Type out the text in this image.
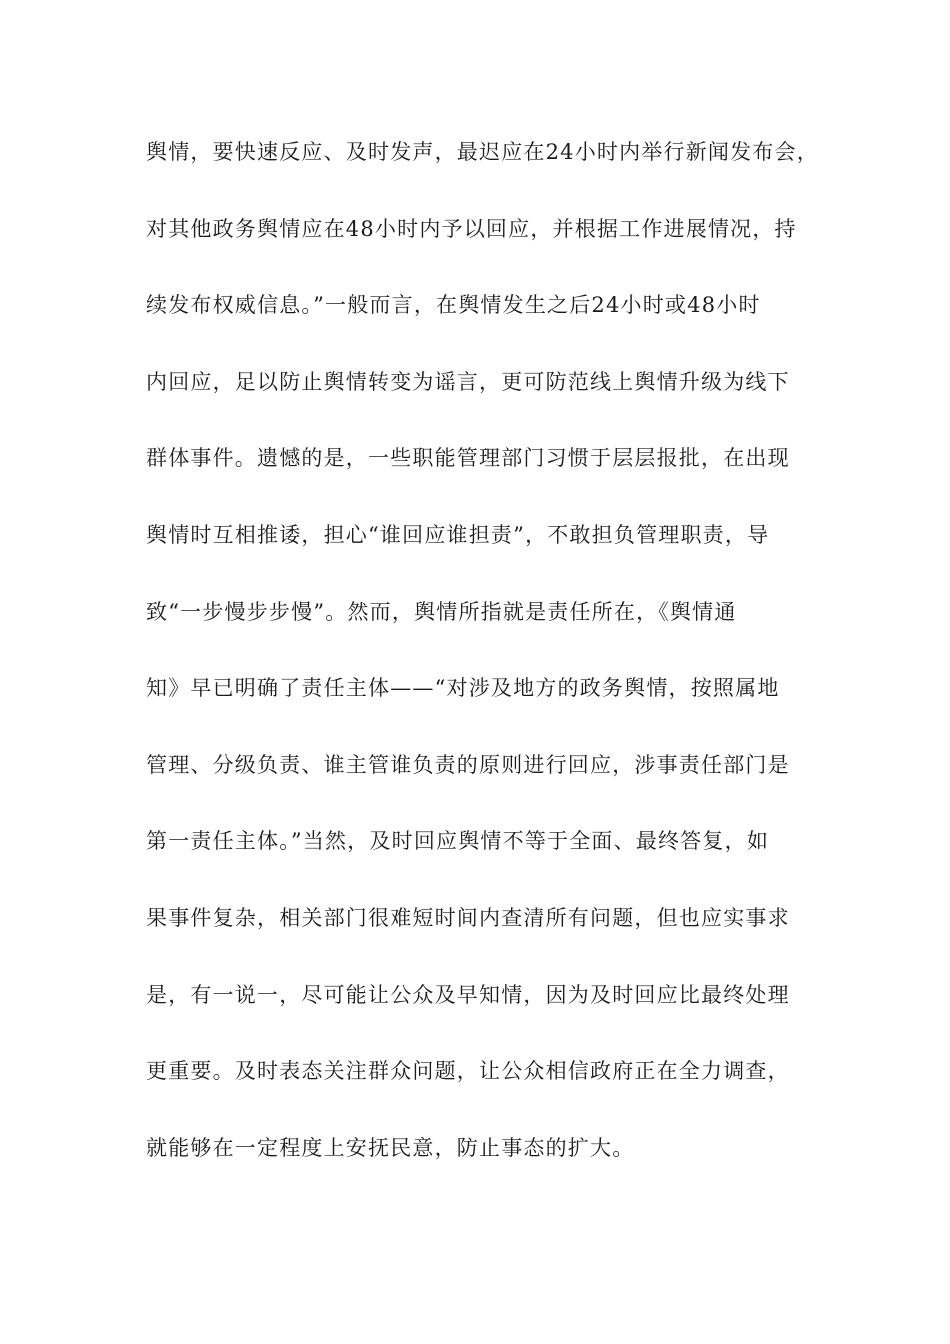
舆情，要快速反应、及时发声，最迟应在24小时内举行新闻发布会，
对其他政务舆情应在48小时内予以回应，并根据工作进展情况，持
续发布权威信息。”一般而言，在舆情发生之后24小时或48小时
内回应，足以防止舆情转变为谣言，更可防范线上舆情升级为线下
群体事件。遗憾的是，一些职能管理部门习惯于层层报批，在出现
舆情时互相推诿，担心“谁回应谁担责”，不敢担负管理职责，导
致“一步慢步步慢”。然而，舆情所指就是责任所在，《舆情通
知》早已明确了责任主体——“对涉及地方的政务舆情，按照属地
管理、分级负责、谁主管谁负责的原则进行回应，涉事责任部门是
第一责任主体。”当然，及时回应舆情不等于全面、最终答复，如
果事件复杂，相关部门很难短时间内查清所有问题，但也应实事求
是，有一说一，尽可能让公众及早知情，因为及时回应比最终处理
更重要。及时表态关注群众问题，让公众相信政府正在全力调查，
就能够在一定程度上安抚民意，防止事态的扩大。
